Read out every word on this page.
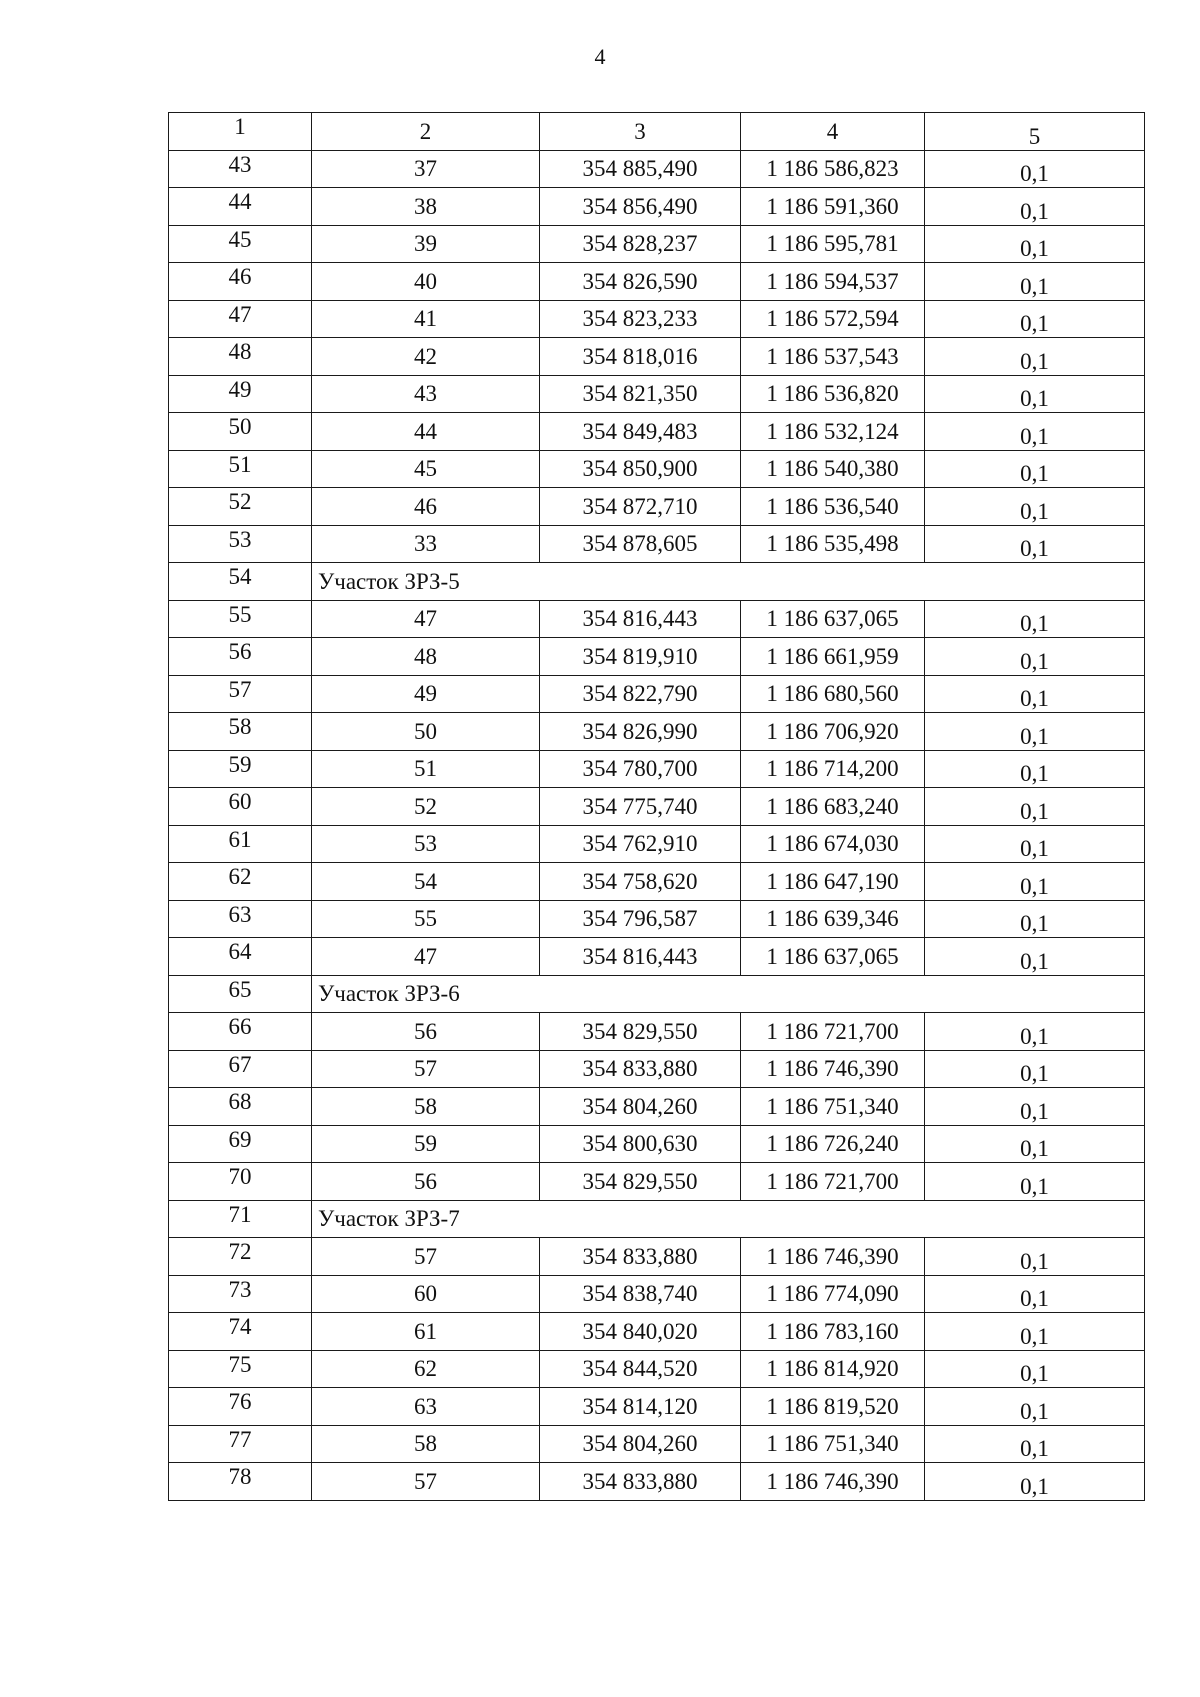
4
1	2	3	4	5
43	37	354 885,490	1 186 586,823	0,1
44	38	354 856,490	1 186 591,360	0,1
45	39	354 828,237	1 186 595,781	0,1
46	40	354 826,590	1 186 594,537	0,1
47	41	354 823,233	1 186 572,594	0,1
48	42	354 818,016	1 186 537,543	0,1
49	43	354 821,350	1 186 536,820	0,1
50	44	354 849,483	1 186 532,124	0,1
51	45	354 850,900	1 186 540,380	0,1
52	46	354 872,710	1 186 536,540	0,1
53	33	354 878,605	1 186 535,498	0,1
54	Участок ЗРЗ-5			
55	47	354 816,443	1 186 637,065	0,1
56	48	354 819,910	1 186 661,959	0,1
57	49	354 822,790	1 186 680,560	0,1
58	50	354 826,990	1 186 706,920	0,1
59	51	354 780,700	1 186 714,200	0,1
60	52	354 775,740	1 186 683,240	0,1
61	53	354 762,910	1 186 674,030	0,1
62	54	354 758,620	1 186 647,190	0,1
63	55	354 796,587	1 186 639,346	0,1
64	47	354 816,443	1 186 637,065	0,1
65	Участок ЗРЗ-6			
66	56	354 829,550	1 186 721,700	0,1
67	57	354 833,880	1 186 746,390	0,1
68	58	354 804,260	1 186 751,340	0,1
69	59	354 800,630	1 186 726,240	0,1
70	56	354 829,550	1 186 721,700	0,1
71	Участок ЗРЗ-7			
72	57	354 833,880	1 186 746,390	0,1
73	60	354 838,740	1 186 774,090	0,1
74	61	354 840,020	1 186 783,160	0,1
75	62	354 844,520	1 186 814,920	0,1
76	63	354 814,120	1 186 819,520	0,1
77	58	354 804,260	1 186 751,340	0,1
78	57	354 833,880	1 186 746,390	0,1
